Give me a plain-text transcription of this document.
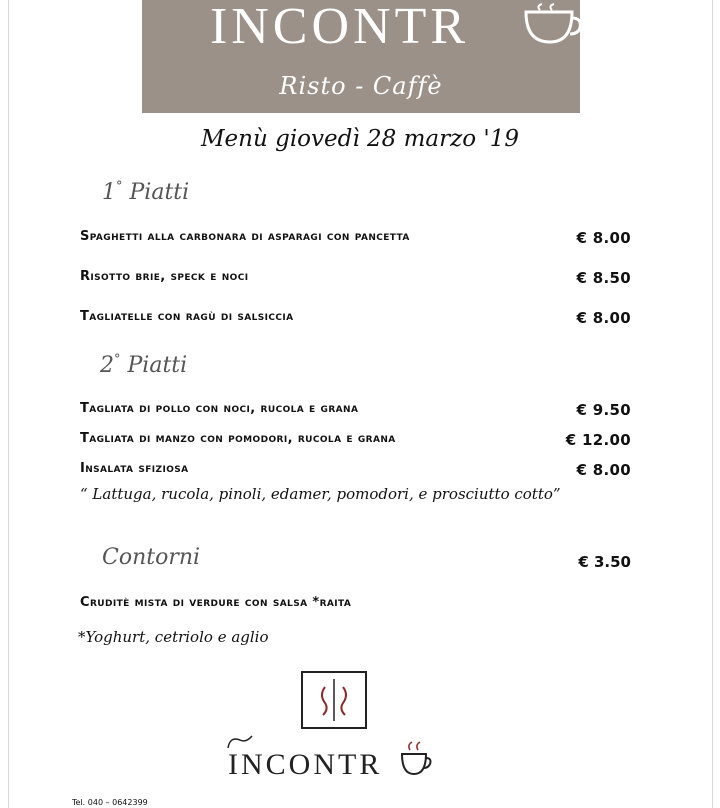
INCONTR
Risto - Caffè
Menù giovedì 28 marzo '19
1° Piatti
Spaghetti alla carbonara di asparagi con pancetta	€ 8.00
Risotto brie, speck e noci	€ 8.50
Tagliatelle con ragù di salsiccia	€ 8.00
2° Piatti
Tagliata di pollo con noci, rucola e grana	€ 9.50
Tagliata di manzo con pomodori, rucola e grana	€ 12.00
Insalata sfiziosa	€ 8.00
“ Lattuga, rucola, pinoli, edamer, pomodori, e prosciutto cotto”
Contorni	€ 3.50
Cruditè mista di verdure con salsa *raita
*Yoghurt, cetriolo e aglio
INCONTR
Tel. 040 – 0642399
